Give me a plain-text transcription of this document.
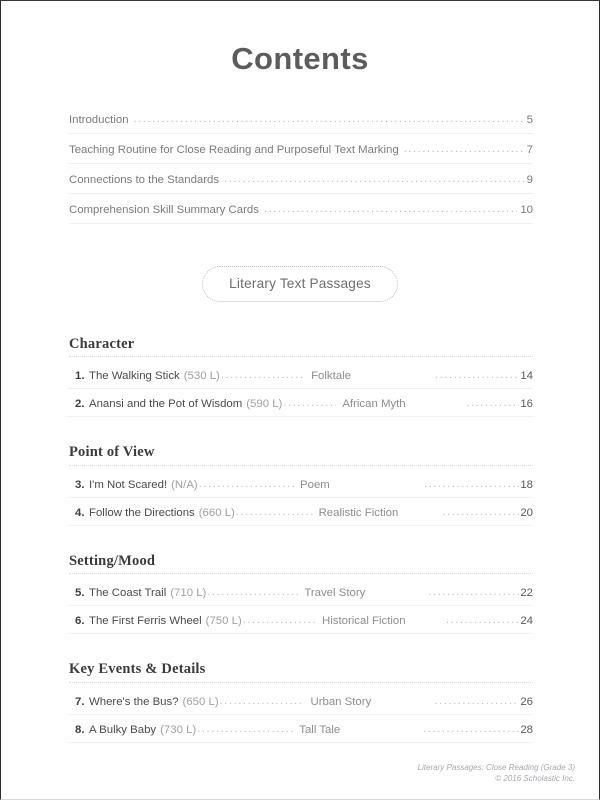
Contents
Introduction .....	5
Teaching Routine for Close Reading and Purposeful Text Marking .....	7
Connections to the Standards .....	9
Comprehension Skill Summary Cards .....	10
Literary Text Passages
Character
1. The Walking Stick (530 L) .....	Folktale .....	14
2. Anansi and the Pot of Wisdom (590 L) .....	African Myth .....	16
Point of View
3. I'm Not Scared! (N/A) .....	Poem .....	18
4. Follow the Directions (660 L) .....	Realistic Fiction .....	20
Setting/Mood
5. The Coast Trail (710 L) .....	Travel Story .....	22
6. The First Ferris Wheel (750 L) .....	Historical Fiction .....	24
Key Events & Details
7. Where's the Bus? (650 L) .....	Urban Story .....	26
8. A Bulky Baby (730 L) .....	Tall Tale .....	28
Literary Passages: Close Reading (Grade 3)
© 2016 Scholastic Inc.
